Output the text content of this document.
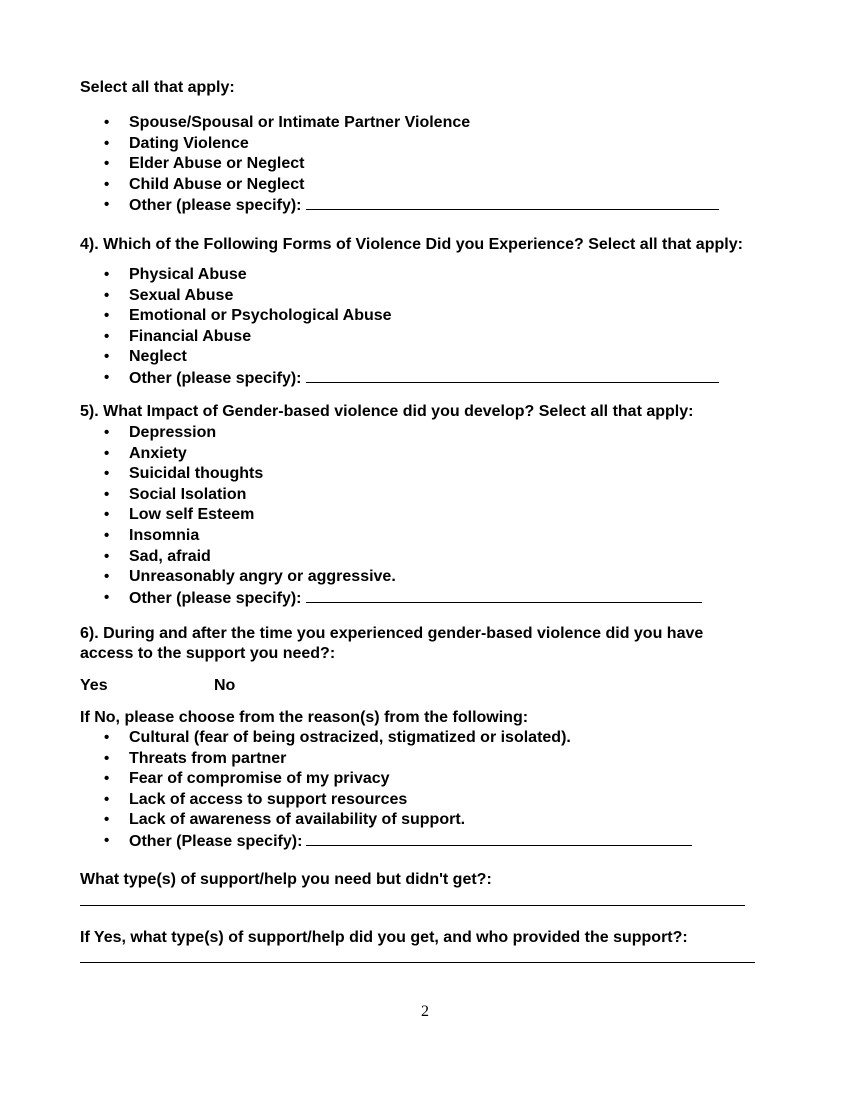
Select all that apply:
• Spouse/Spousal or Intimate Partner Violence
• Dating Violence
• Elder Abuse or Neglect
• Child Abuse or Neglect
• Other (please specify):
4). Which of the Following Forms of Violence Did you Experience? Select all that apply:
• Physical Abuse
• Sexual Abuse
• Emotional or Psychological Abuse
• Financial Abuse
• Neglect
• Other (please specify):
5). What Impact of Gender-based violence did you develop? Select all that apply:
• Depression
• Anxiety
• Suicidal thoughts
• Social Isolation
• Low self Esteem
• Insomnia
• Sad, afraid
• Unreasonably angry or aggressive.
• Other (please specify):
6). During and after the time you experienced gender-based violence did you have
access to the support you need?:
Yes	No
If No, please choose from the reason(s) from the following:
• Cultural (fear of being ostracized, stigmatized or isolated).
• Threats from partner
• Fear of compromise of my privacy
• Lack of access to support resources
• Lack of awareness of availability of support.
• Other (Please specify):
What type(s) of support/help you need but didn't get?:
If Yes, what type(s) of support/help did you get, and who provided the support?:
2
